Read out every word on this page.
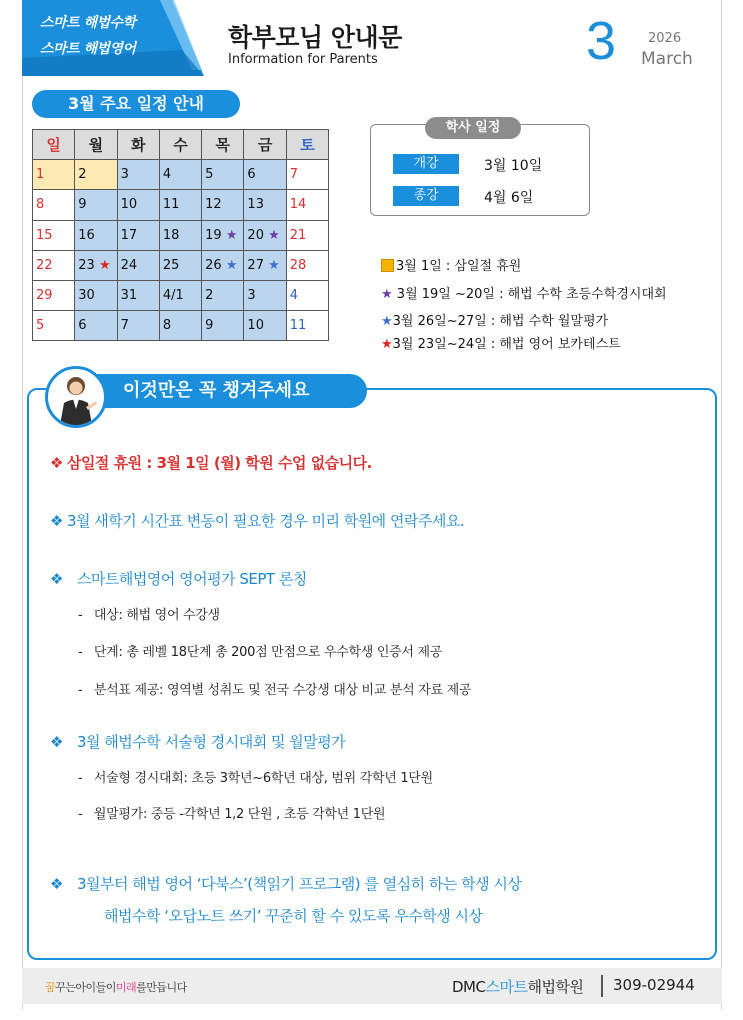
스마트 해법수학
스마트 해법영어	학부모님 안내문
Information for Parents	3 2026
March
3월 주요 일정 안내
일	월	화	수	목	금	토
1	2	3	4	5	6	7
8	9	10	11	12	13	14
15	16	17	18	19 ★	20 ★	21
22	23 ★	24	25	26 ★	27 ★	28
29	30	31	4/1	2	3	4
5	6	7	8	9	10	11
학사 일정
개강	3월 10일
종강	4월 6일
3월 1일 : 삼일절 휴원
★ 3월 19일 ~20일 : 해법 수학 초등수학경시대회
★3월 26일~27일 : 해법 수학 월말평가
★3월 23일~24일 : 해법 영어 보카테스트
이것만은 꼭 챙겨주세요
❖ 삼일절 휴원 : 3월 1일 (월) 학원 수업 없습니다.
❖ 3월 새학기 시간표 변동이 필요한 경우 미리 학원에 연락주세요.
❖ 스마트해법영어 영어평가 SEPT 론칭
- 대상: 해법 영어 수강생
- 단계: 총 레벨 18단계 총 200점 만점으로 우수학생 인증서 제공
- 분석표 제공: 영역별 성취도 및 전국 수강생 대상 비교 분석 자료 제공
❖ 3월 해법수학 서술형 경시대회 및 월말평가
- 서술형 경시대회: 초등 3학년~6학년 대상, 범위 각학년 1단원
- 월말평가: 중등 -각학년 1,2 단원 , 초등 각학년 1단원
❖ 3월부터 해법 영어 ‘다북스’(책읽기 프로그램) 를 열심히 하는 학생 시상
해법수학 ‘오답노트 쓰기’ 꾸준히 할 수 있도록 우수학생 시상
꿈꾸는아이들이미래를만듭니다	DMC스마트해법학원 309-02944
